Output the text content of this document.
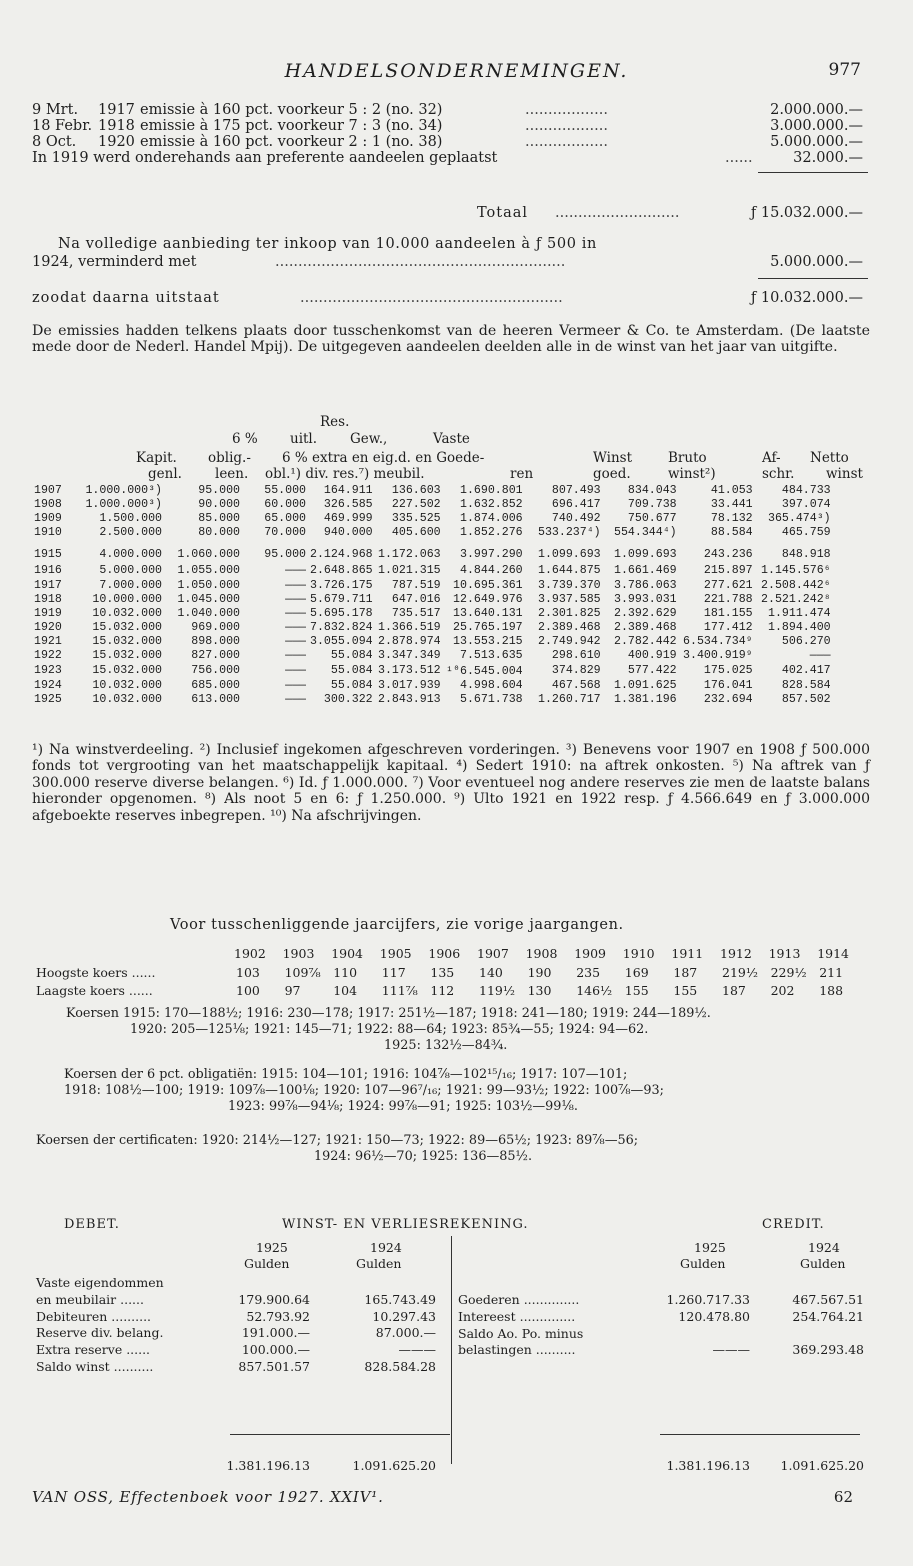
HANDELSONDERNEMINGEN.	977
9 Mrt. 1917 emissie à 160 pct. voorkeur 5 : 2 (no. 32)	..................	2.000.000.—
18 Febr. 1918 emissie à 175 pct. voorkeur 7 : 3 (no. 34)	..................	3.000.000.—
8 Oct. 1920 emissie à 160 pct. voorkeur 2 : 1 (no. 38)	..................	5.000.000.—
In 1919 werd onderehands aan preferente aandeelen geplaatst	......	32.000.—
Totaal ...........................	ƒ 15.032.000.—
Na volledige aanbieding ter inkoop van 10.000 aandeelen à ƒ 500 in
1924, verminderd met	...............................................................	5.000.000.—
zoodat daarna uitstaat	.........................................................	ƒ 10.032.000.—
De emissies hadden telkens plaats door tusschenkomst van de heeren Vermeer & Co. te Amsterdam. (De laatste mede door de Nederl. Handel Mpij). De uitgegeven aandeelen deelden alle in de winst van het jaar van uitgifte.
Res.
6 % uitl. Gew.,	Vaste
Kapit. oblig.- 6 % extra en eig.d. en Goede-	Winst	Bruto	Af- Netto
genl. leen. obl.¹) div. res.⁷) meubil.	ren	goed.	winst²)	schr. winst
1907	1.000.000³)	95.000	55.000	164.911	136.603	1.690.801	807.493	834.043	41.053	484.733
1908	1.000.000³)	90.000	60.000	326.585	227.502	1.632.852	696.417	709.738	33.441	397.074
1909	1.500.000	85.000	65.000	469.999	335.525	1.874.006	740.492	750.677	78.132	365.474³)
1910	2.500.000	80.000	70.000	940.000	405.600	1.852.276	533.237⁴)	554.344⁴)	88.584	465.759
1915	4.000.000	1.060.000	95.000	2.124.968	1.172.063	3.997.290	1.099.693	1.099.693	243.236	848.918
1916	5.000.000	1.055.000	———	2.648.865	1.021.315	4.844.260	1.644.875	1.661.469	215.897	1.145.576⁶
1917	7.000.000	1.050.000	———	3.726.175	787.519	10.695.361	3.739.370	3.786.063	277.621	2.508.442⁶
1918	10.000.000	1.045.000	———	5.679.711	647.016	12.649.976	3.937.585	3.993.031	221.788	2.521.242⁸
1919	10.032.000	1.040.000	———	5.695.178	735.517	13.640.131	2.301.825	2.392.629	181.155	1.911.474
1920	15.032.000	969.000	———	7.832.824	1.366.519	25.765.197	2.389.468	2.389.468	177.412	1.894.400
1921	15.032.000	898.000	———	3.055.094	2.878.974	13.553.215	2.749.942	2.782.442	6.534.734⁹	506.270
1922	15.032.000	827.000	———	55.084	3.347.349	7.513.635	298.610	400.919	3.400.919⁹	———
1923	15.032.000	756.000	———	55.084	3.173.512	¹⁰6.545.004	374.829	577.422	175.025	402.417
1924	10.032.000	685.000	———	55.084	3.017.939	4.998.604	467.568	1.091.625	176.041	828.584
1925	10.032.000	613.000	———	300.322	2.843.913	5.671.738	1.260.717	1.381.196	232.694	857.502
¹) Na winstverdeeling. ²) Inclusief ingekomen afgeschreven vorderingen. ³) Benevens voor 1907 en 1908 ƒ 500.000 fonds tot vergrooting van het maatschappelijk kapitaal. ⁴) Sedert 1910: na aftrek onkosten. ⁵) Na aftrek van ƒ 300.000 reserve diverse belangen. ⁶) Id. ƒ 1.000.000. ⁷) Voor eventueel nog andere reserves zie men de laatste balans hieronder opgenomen. ⁸) Als noot 5 en 6: ƒ 1.250.000. ⁹) Ulto 1921 en 1922 resp. ƒ 4.566.649 en ƒ 3.000.000 afgeboekte reserves inbegrepen. ¹⁰) Na afschrijvingen.
Voor tusschenliggende jaarcijfers, zie vorige jaargangen.
1902 1903 1904 1905 1906 1907 1908 1909 1910 1911 1912 1913 1914
Hoogste koers ......	103 109⅞ 110 117 135 140 190 235 169 187 219½ 229½ 211
Laagste koers ......	100 97	104 111⅞ 112 119½ 130 146½ 155 155 187 202 188
Koersen 1915: 170—188½; 1916: 230—178; 1917: 251½—187; 1918: 241—180; 1919: 244—189½.
1920: 205—125⅛; 1921: 145—71; 1922: 88—64; 1923: 85¾—55; 1924: 94—62.
1925: 132½—84¾.
Koersen der 6 pct. obligatiën: 1915: 104—101; 1916: 104⅞—102¹⁵/₁₆; 1917: 107—101;
1918: 108½—100; 1919: 109⅞—100⅛; 1920: 107—96⁷/₁₆; 1921: 99—93½; 1922: 100⅞—93;
1923: 99⅞—94⅛; 1924: 99⅞—91; 1925: 103½—99⅛.
Koersen der certificaten: 1920: 214½—127; 1921: 150—73; 1922: 89—65½; 1923: 89⅞—56;
1924: 96½—70; 1925: 136—85½.
DEBET.	WINST- EN VERLIESREKENING.	CREDIT.
1925	1924
Gulden	Gulden
1925	1924
Gulden	Gulden
Vaste eigendommen
en meubilair ......	179.900.64	165.743.49
Debiteuren ..........	52.793.92	10.297.43
Reserve div. belang.	191.000.—	87.000.—
Extra reserve ......	100.000.—	———
Saldo winst ..........	857.501.57	828.584.28
Goederen ..............	1.260.717.33	467.567.51
Intereest ..............	120.478.80	254.764.21
Saldo Ao. Po. minus
belastingen ..........	———	369.293.48
1.381.196.13	1.091.625.20	1.381.196.13	1.091.625.20
VAN OSS, Effectenboek voor 1927. XXIV¹.	62
